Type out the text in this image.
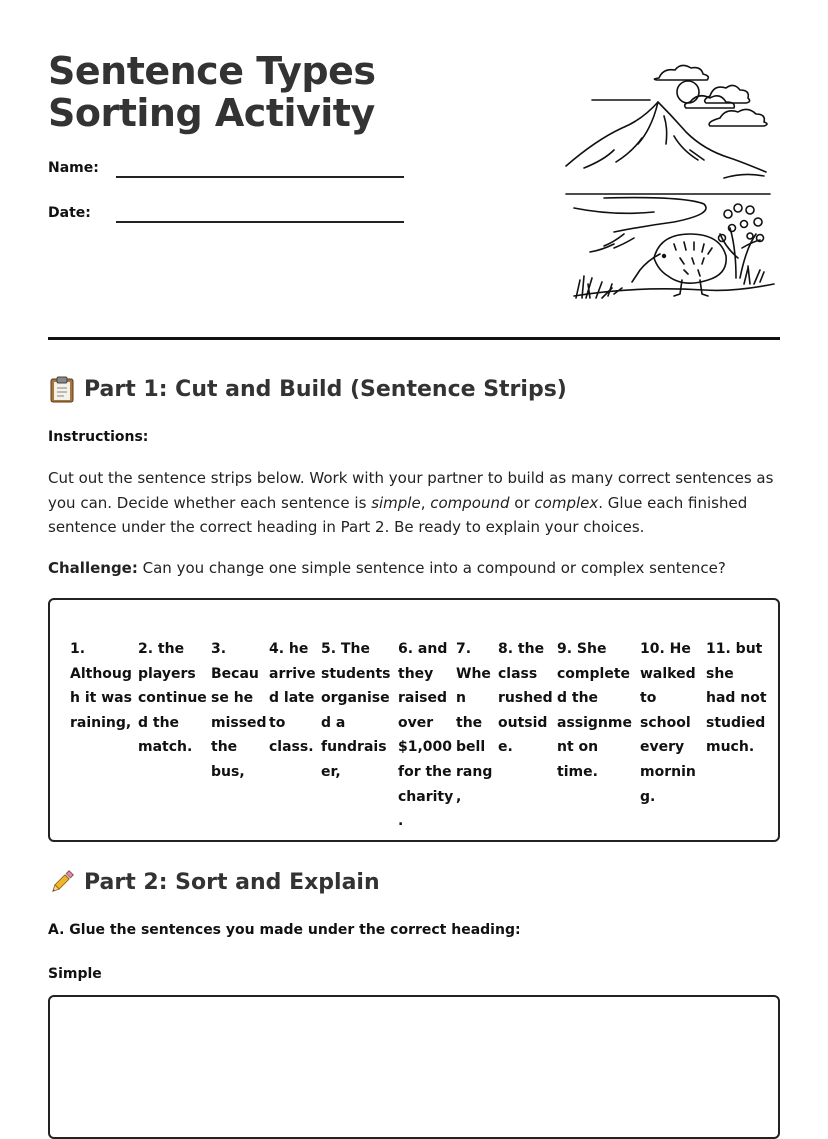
Sentence Types Sorting Activity
Name:
Date:
Part 1: Cut and Build (Sentence Strips)
Instructions:
Cut out the sentence strips below. Work with your partner to build as many correct sentences as you can. Decide whether each sentence is simple, compound or complex. Glue each finished sentence under the correct heading in Part 2. Be ready to explain your choices.
Challenge: Can you change one simple sentence into a compound or complex sentence?
1. Although it was raining,
2. the players continued the match.
3. Because he missed the bus,
4. he arrived late to class.
5. The students organised a fundraiser,
6. and they raised over $1,000 for the charity.
7. When the bell rang,
8. the class rushed outside.
9. She completed the assignment on time.
10. He walked to school every morning.
11. but she had not studied much.
Part 2: Sort and Explain
A. Glue the sentences you made under the correct heading:
Simple
